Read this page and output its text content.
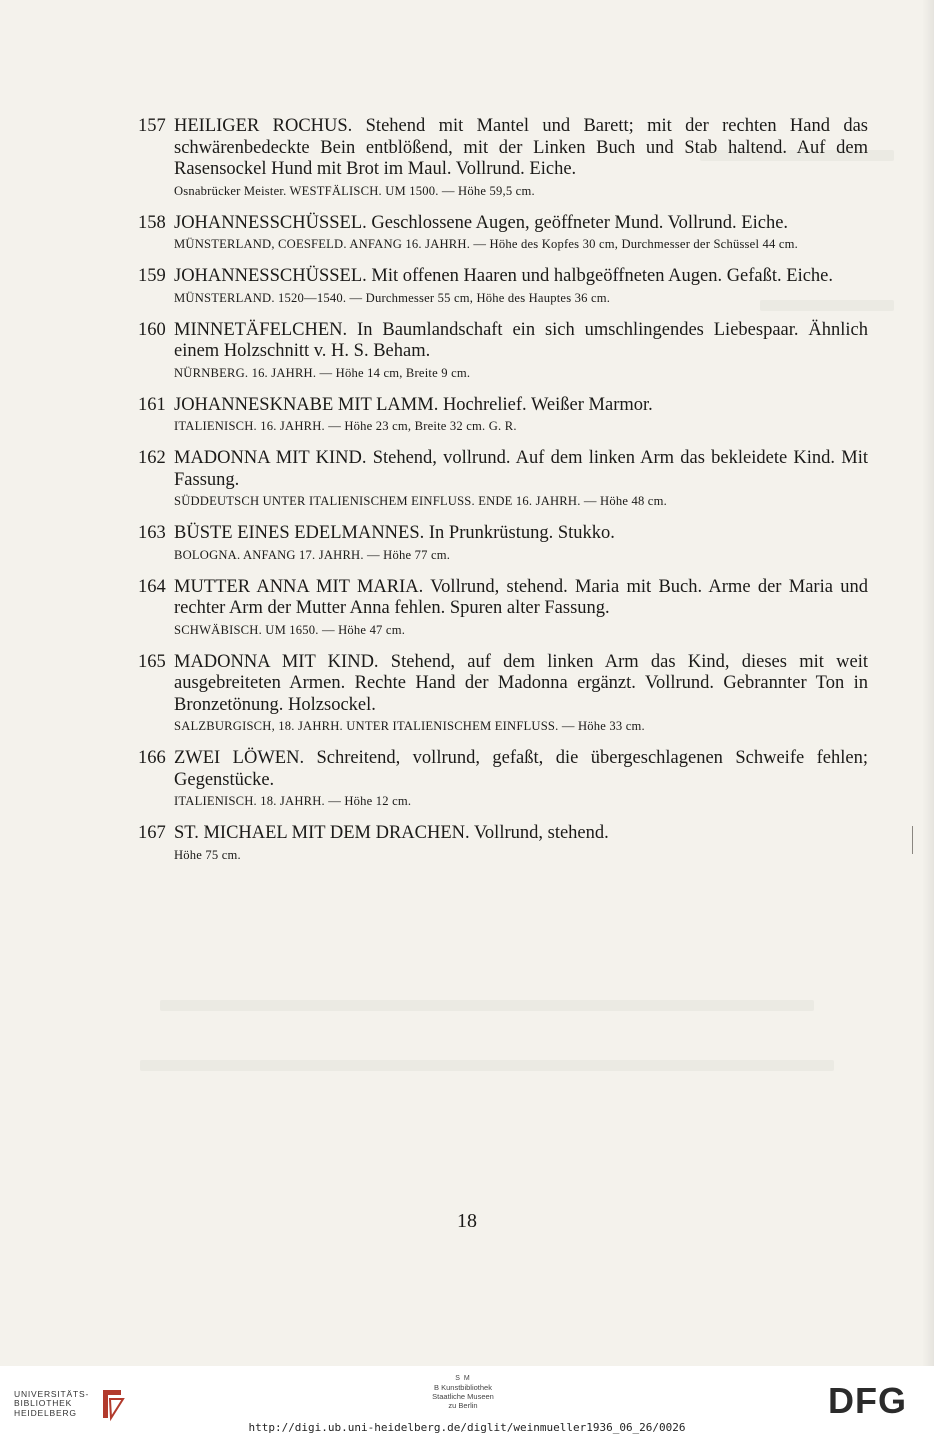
157 HEILIGER ROCHUS. Stehend mit Mantel und Barett; mit der rechten Hand das schwärenbedeckte Bein entblößend, mit der Linken Buch und Stab haltend. Auf dem Rasensockel Hund mit Brot im Maul. Vollrund. Eiche.
Osnabrücker Meister. WESTFÄLISCH. UM 1500. — Höhe 59,5 cm.
158 JOHANNESSCHÜSSEL. Geschlossene Augen, geöffneter Mund. Vollrund. Eiche.
MÜNSTERLAND, COESFELD. ANFANG 16. JAHRH. — Höhe des Kopfes 30 cm, Durchmesser der Schüssel 44 cm.
159 JOHANNESSCHÜSSEL. Mit offenen Haaren und halbgeöffneten Augen. Gefaßt. Eiche.
MÜNSTERLAND. 1520—1540. — Durchmesser 55 cm, Höhe des Hauptes 36 cm.
160 MINNETÄFELCHEN. In Baumlandschaft ein sich umschlingendes Liebespaar. Ähnlich einem Holzschnitt v. H. S. Beham.
NÜRNBERG. 16. JAHRH. — Höhe 14 cm, Breite 9 cm.
161 JOHANNESKNABE MIT LAMM. Hochrelief. Weißer Marmor.
ITALIENISCH. 16. JAHRH. — Höhe 23 cm, Breite 32 cm. G. R.
162 MADONNA MIT KIND. Stehend, vollrund. Auf dem linken Arm das bekleidete Kind. Mit Fassung.
SÜDDEUTSCH UNTER ITALIENISCHEM EINFLUSS. ENDE 16. JAHRH. — Höhe 48 cm.
163 BÜSTE EINES EDELMANNES. In Prunkrüstung. Stukko.
BOLOGNA. ANFANG 17. JAHRH. — Höhe 77 cm.
164 MUTTER ANNA MIT MARIA. Vollrund, stehend. Maria mit Buch. Arme der Maria und rechter Arm der Mutter Anna fehlen. Spuren alter Fassung.
SCHWÄBISCH. UM 1650. — Höhe 47 cm.
165 MADONNA MIT KIND. Stehend, auf dem linken Arm das Kind, dieses mit weit ausgebreiteten Armen. Rechte Hand der Madonna ergänzt. Vollrund. Gebrannter Ton in Bronzetönung. Holzsockel.
SALZBURGISCH, 18. JAHRH. UNTER ITALIENISCHEM EINFLUSS. — Höhe 33 cm.
166 ZWEI LÖWEN. Schreitend, vollrund, gefaßt, die übergeschlagenen Schweife fehlen; Gegenstücke.
ITALIENISCH. 18. JAHRH. — Höhe 12 cm.
167 ST. MICHAEL MIT DEM DRACHEN. Vollrund, stehend.
Höhe 75 cm.
18
UNIVERSITÄTS-
BIBLIOTHEK
HEIDELBERG
S M
B Kunstbibliothek
Staatliche Museen
zu Berlin	DFG
http://digi.ub.uni-heidelberg.de/diglit/weinmueller1936_06_26/0026
